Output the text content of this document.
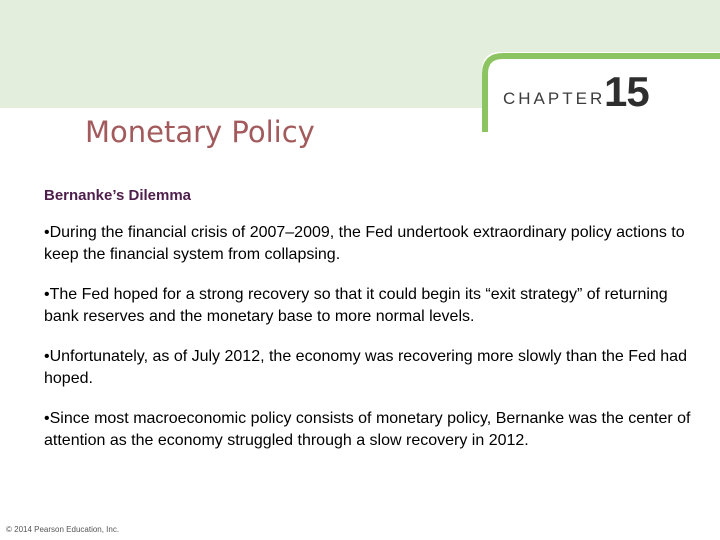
CHAPTER
15
Monetary Policy
Bernanke’s Dilemma

•During the financial crisis of 2007–2009, the Fed undertook extraordinary policy actions to keep the financial system from collapsing.

•The Fed hoped for a strong recovery so that it could begin its “exit strategy” of returning bank reserves and the monetary base to more normal levels.

•Unfortunately, as of July 2012, the economy was recovering more slowly than the Fed had hoped.

•Since most macroeconomic policy consists of monetary policy, Bernanke was the center of attention as the economy struggled through a slow recovery in 2012.

© 2014 Pearson Education, Inc.
